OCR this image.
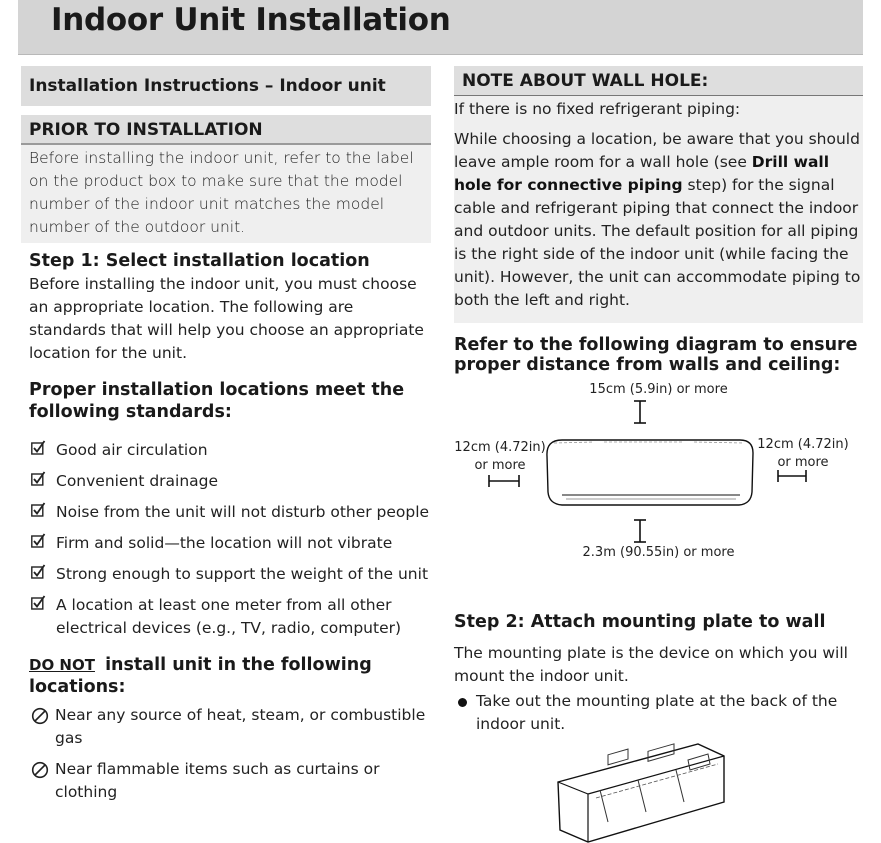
Indoor Unit Installation
Installation Instructions – Indoor unit
PRIOR TO INSTALLATION
Before installing the indoor unit, refer to the label on the product box to make sure that the model number of the indoor unit matches the model number of the outdoor unit.
Step 1: Select installation location
Before installing the indoor unit, you must choose an appropriate location. The following are standards that will help you choose an appropriate location for the unit.
Proper installation locations meet the following standards:
Good air circulation
Convenient drainage
Noise from the unit will not disturb other people
Firm and solid—the location will not vibrate
Strong enough to support the weight of the unit
A location at least one meter from all other electrical devices (e.g., TV, radio, computer)
DO NOT install unit in the following locations:
Near any source of heat, steam, or combustible gas
Near flammable items such as curtains or clothing
NOTE ABOUT WALL HOLE:

If there is no fixed refrigerant piping:

While choosing a location, be aware that you should leave ample room for a wall hole (see Drill wall hole for connective piping step) for the signal cable and refrigerant piping that connect the indoor and outdoor units. The default position for all piping is the right side of the indoor unit (while facing the unit). However, the unit can accommodate piping to both the left and right.

Refer to the following diagram to ensure proper distance from walls and ceiling:
15cm (5.9in) or more
12cm (4.72in)
or more
12cm (4.72in)
or more
2.3m (90.55in) or more
Step 2: Attach mounting plate to wall
The mounting plate is the device on which you will mount the indoor unit.
Take out the mounting plate at the back of the indoor unit.
